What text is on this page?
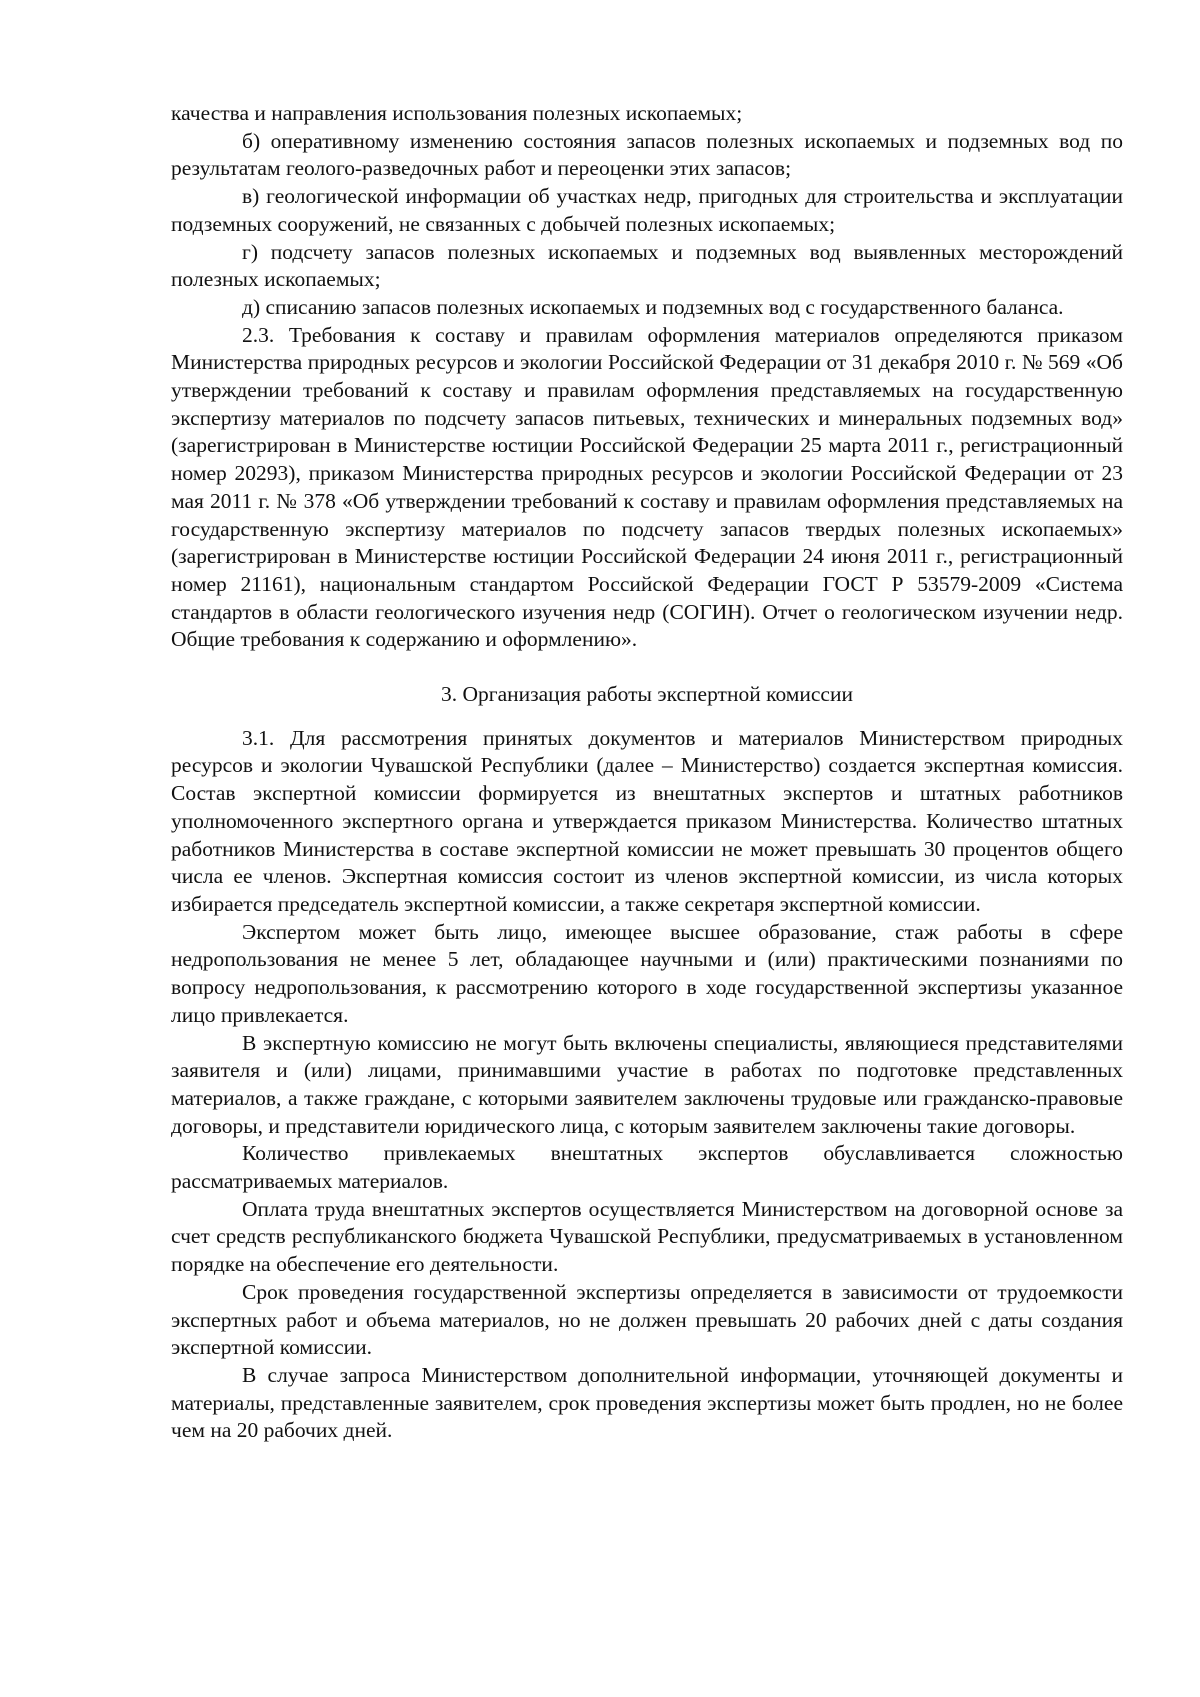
качества и направления использования полезных ископаемых;

б) оперативному изменению состояния запасов полезных ископаемых и подземных вод по результатам геолого-разведочных работ и переоценки этих запасов;

в) геологической информации об участках недр, пригодных для строительства и эксплуатации подземных сооружений, не связанных с добычей полезных ископаемых;

г) подсчету запасов полезных ископаемых и подземных вод выявленных месторождений полезных ископаемых;

д) списанию запасов полезных ископаемых и подземных вод с государственного баланса.

2.3. Требования к составу и правилам оформления материалов определяются приказом Министерства природных ресурсов и экологии Российской Федерации от 31 декабря 2010 г. № 569 «Об утверждении требований к составу и правилам оформления представляемых на государственную экспертизу материалов по подсчету запасов питьевых, технических и минеральных подземных вод» (зарегистрирован в Министерстве юстиции Российской Федерации 25 марта 2011 г., регистрационный номер 20293), приказом Министерства природных ресурсов и экологии Российской Федерации от 23 мая 2011 г. № 378 «Об утверждении требований к составу и правилам оформления представляемых на государственную экспертизу материалов по подсчету запасов твердых полезных ископаемых» (зарегистрирован в Министерстве юстиции Российской Федерации 24 июня 2011 г., регистрационный номер 21161), национальным стандартом Российской Федерации ГОСТ Р 53579-2009 «Система стандартов в области геологического изучения недр (СОГИН). Отчет о геологическом изучении недр. Общие требования к содержанию и оформлению».

3. Организация работы экспертной комиссии

3.1. Для рассмотрения принятых документов и материалов Министерством природных ресурсов и экологии Чувашской Республики (далее – Министерство) создается экспертная комиссия. Состав экспертной комиссии формируется из внештатных экспертов и штатных работников уполномоченного экспертного органа и утверждается приказом Министерства. Количество штатных работников Министерства в составе экспертной комиссии не может превышать 30 процентов общего числа ее членов. Экспертная комиссия состоит из членов экспертной комиссии, из числа которых избирается председатель экспертной комиссии, а также секретаря экспертной комиссии.

Экспертом может быть лицо, имеющее высшее образование, стаж работы в сфере недропользования не менее 5 лет, обладающее научными и (или) практическими познаниями по вопросу недропользования, к рассмотрению которого в ходе государственной экспертизы указанное лицо привлекается.

В экспертную комиссию не могут быть включены специалисты, являющиеся представителями заявителя и (или) лицами, принимавшими участие в работах по подготовке представленных материалов, а также граждане, с которыми заявителем заключены трудовые или гражданско-правовые договоры, и представители юридического лица, с которым заявителем заключены такие договоры.

Количество привлекаемых внештатных экспертов обуславливается сложностью рассматриваемых материалов.

Оплата труда внештатных экспертов осуществляется Министерством на договорной основе за счет средств республиканского бюджета Чувашской Республики, предусматриваемых в установленном порядке на обеспечение его деятельности.

Срок проведения государственной экспертизы определяется в зависимости от трудоемкости экспертных работ и объема материалов, но не должен превышать 20 рабочих дней с даты создания экспертной комиссии.

В случае запроса Министерством дополнительной информации, уточняющей документы и материалы, представленные заявителем, срок проведения экспертизы может быть продлен, но не более чем на 20 рабочих дней.
